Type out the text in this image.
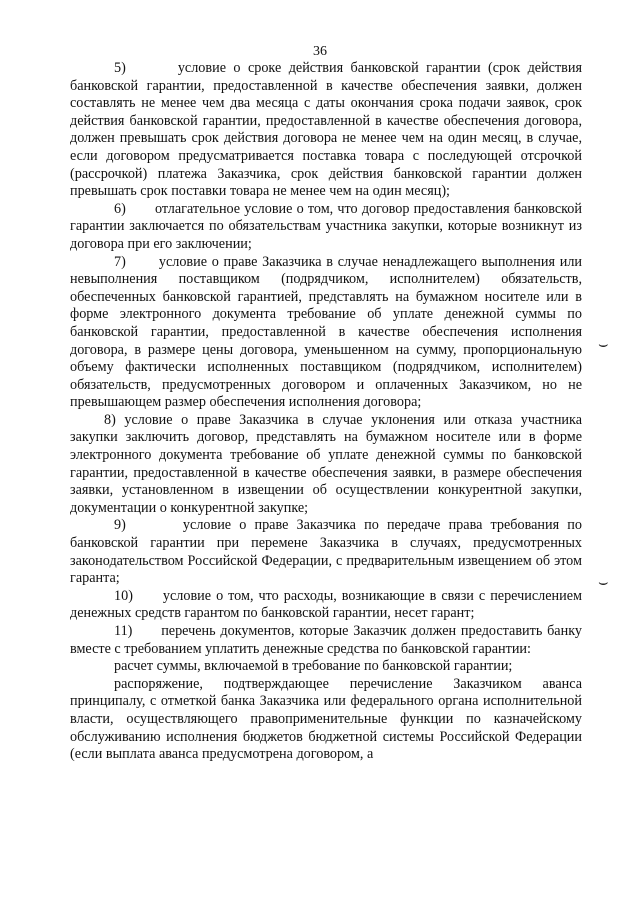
36

5)       условие о сроке действия банковской гарантии (срок действия банковской гарантии, предоставленной в качестве обеспечения заявки, должен составлять не менее чем два месяца с даты окончания срока подачи заявок, срок действия банковской гарантии, предоставленной в качестве обеспечения договора, должен превышать срок действия договора не менее чем на один месяц, в случае, если договором предусматривается поставка товара с последующей отсрочкой (рассрочкой) платежа Заказчика, срок действия банковской гарантии должен превышать срок поставки товара не менее чем на один месяц);

6)       отлагательное условие о том, что договор предоставления банковской гарантии заключается по обязательствам участника закупки, которые возникнут из договора при его заключении;

7)       условие о праве Заказчика в случае ненадлежащего выполнения или невыполнения поставщиком (подрядчиком, исполнителем) обязательств, обеспеченных банковской гарантией, представлять на бумажном носителе или в форме электронного документа требование об уплате денежной суммы по банковской гарантии, предоставленной в качестве обеспечения исполнения договора, в размере цены договора, уменьшенном на сумму, пропорциональную объему фактически исполненных поставщиком (подрядчиком, исполнителем) обязательств, предусмотренных договором и оплаченных Заказчиком, но не превышающем размер обеспечения исполнения договора;

8) условие о праве Заказчика в случае уклонения или отказа участника закупки заключить договор, представлять на бумажном носителе или в форме электронного документа требование об уплате денежной суммы по банковской гарантии, предоставленной в качестве обеспечения заявки, в размере обеспечения заявки, установленном в извещении об осуществлении конкурентной закупки, документации о конкурентной закупке;

9)       условие о праве Заказчика по передаче права требования по банковской гарантии при перемене Заказчика в случаях, предусмотренных законодательством Российской Федерации, с предварительным извещением об этом гаранта;

10)      условие о том, что расходы, возникающие в связи с перечислением денежных средств гарантом по банковской гарантии, несет гарант;

11)      перечень документов, которые Заказчик должен предоставить банку вместе с требованием уплатить денежные средства по банковской гарантии:

расчет суммы, включаемой в требование по банковской гарантии;

распоряжение, подтверждающее перечисление Заказчиком аванса принципалу, с отметкой банка Заказчика или федерального органа исполнительной власти, осуществляющего правоприменительные функции по казначейскому обслуживанию исполнения бюджетов бюджетной системы Российской Федерации (если выплата аванса предусмотрена договором, а

⌣
⌣
